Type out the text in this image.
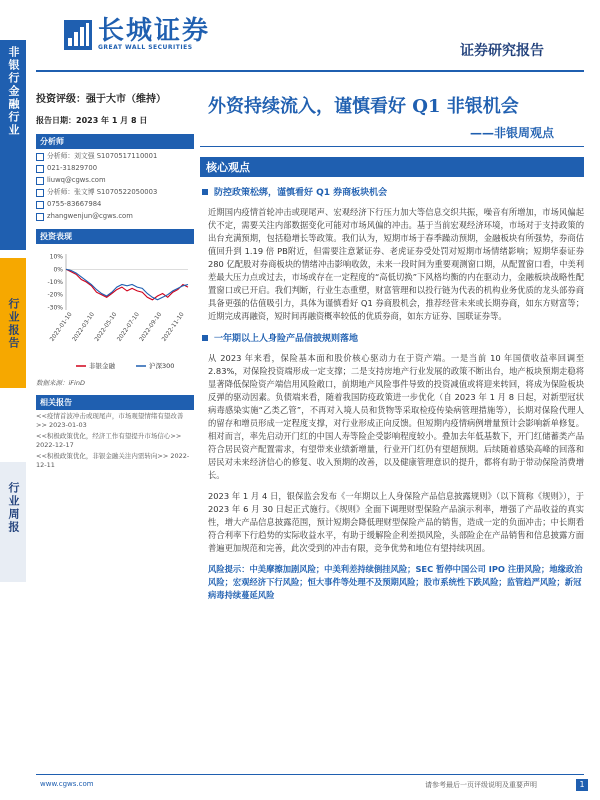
非银行金融行业
行业报告
行业周报
长城证券
GREAT WALL SECURITIES	证券研究报告
投资评级：强于大市（维持）
报告日期：2023 年 1 月 8 日
分析师
分析师：刘文强 S1070517110001
021-31829700
liuwq@cgws.com
分析师：张文博 S1070522050003
0755-83667984
zhangwenjun@cgws.com
投资表现
10%
0%
-10%
-20%
-30%
2022-01-10
2022-03-10
2022-05-10
2022-07-10
2022-09-10
2022-11-10
非银金融	沪深300
数据来源：iFinD
相关报告
<<疫情首波冲击或现尾声，市场观望情绪有望改善>> 2023-01-03
<<积极政策优化，经济工作有望提升市场信心>> 2022-12-17
<<积极政策优化，非银金融关注内需转向>> 2022-12-11
外资持续流入，谨慎看好 Q1 非银机会
——非银周观点
核心观点
防控政策松绑，谨慎看好 Q1 券商板块机会
近期国内疫情首轮冲击或现尾声、宏观经济下行压力加大等信息交织共振，噪音有所增加，市场风偏起伏不定，需要关注内部数据变化可能对市场风偏的冲击。基于当前宏观经济环境，市场对于支持政策的出台充满预期，包括稳增长等政策。我们认为，短期市场于春季躁动预期，金融板块有所强势，券商估值回升到 1.19 倍 PB附近，但需要注意紧证券、老虎证券受处罚对短期市场情绪影响；短期华泰证券 280 亿配股对券商板块的情绪冲击影响收敛，未来一段时间为重要观测窗口期，从配置窗口看，中美利差最大压力点或过去，市场或存在一定程度的“高低切换”下风格均衡的内在驱动力，金融板块战略性配置窗口或已开启。我们判断，行业生态重塑，财富管理和以投行链为代表的机构业务优质的龙头部券商具备更强的估值吸引力，具体为谨慎看好 Q1 券商股机会，推荐经营未来或长期券商，如东方财富等；近期完成再融资，短时间再融资概率较低的优质券商，如东方证券、国联证券等。
一年期以上人身险产品信披规则落地
从 2023 年来看，保险基本面和股价核心驱动力在于资产端。一是当前 10 年国债收益率回调至 2.83%，对保险投资端形成一定支撑；二是支持房地产行业发展的政策不断出台，地产板块预期走稳将显著降低保险资产端信用风险敞口，前期地产风险事件导致的投资减值或将迎来转回，将成为保险板块反弹的驱动因素。负债端来看，随着我国防疫政策进一步优化（自 2023 年 1 月 8 日起，对新型冠状病毒感染实施“乙类乙管”，不再对入境人员和货物等采取检疫传染病管理措施等），长期对保险代理人的留存和增员形成一定程度支撑，对行业形成正向反馈。但短期内疫情病例增量预计会影响新单修复。相对而言，率先启动开门红的中国人寿等险企受影响程度较小。叠加去年低基数下，开门红储蓄类产品符合居民资产配置需求，有望带来业绩新增量，行业开门红仍有望超预期。后续随着感染高峰的回落和居民对未来经济信心的修复、收入预期的改善，以及健康管理意识的提升，都将有助于带动保险消费增长。
2023 年 1 月 4 日，银保监会发布《一年期以上人身保险产品信息披露规则》（以下简称《规则》），于 2023 年 6 月 30 日起正式施行。《规则》全面下调理财型保险产品演示利率，增强了产品收益的真实性，增大产品信息披露范围，预计短期会降低理财型保险产品的销售，造成一定的负面冲击；中长期看符合利率下行趋势的实际收益水平，有助于缓解险企利差损风险，头部险企在产品销售和信息披露方面普遍更加规范和完善，此次受到的冲击有限，竞争优势和地位有望持续巩固。
风险提示：中美摩擦加剧风险；中美利差持续倒挂风险；SEC 暂停中国公司 IPO 注册风险；地缘政治风险；宏观经济下行风险；恒大事件等处理不及预期风险；股市系统性下跌风险；监管趋严风险；新冠病毒持续蔓延风险
www.cgws.com	请参考最后一页评级说明及重要声明	1
